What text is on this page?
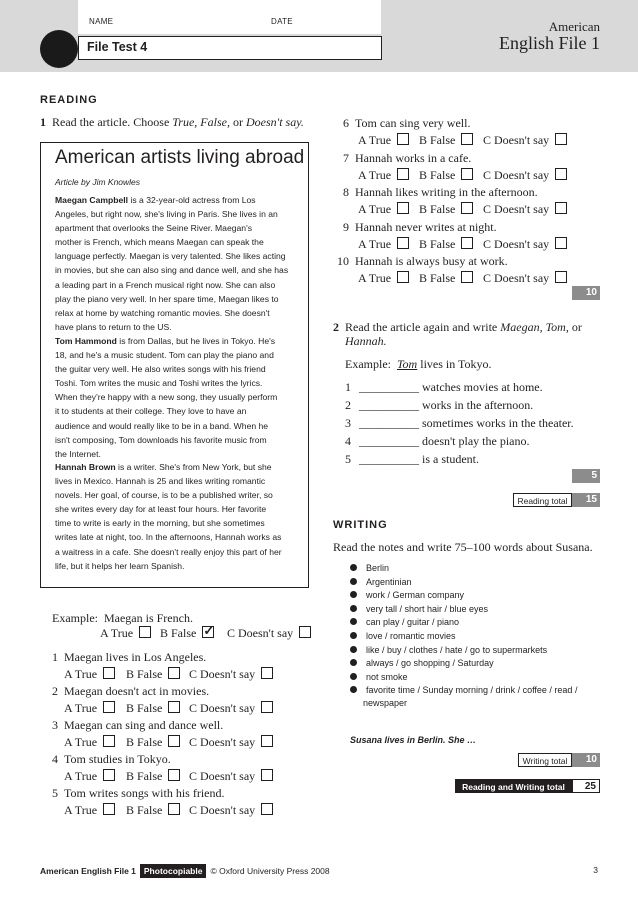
NAME	DATE
File Test 4
American
English File 1
READING
1 Read the article. Choose True, False, or Doesn't say.
American artists living abroad
Article by Jim Knowles
Maegan Campbell is a 32-year-old actress from Los
Angeles, but right now, she's living in Paris. She lives in an
apartment that overlooks the Seine River. Maegan's
mother is French, which means Maegan can speak the
language perfectly. Maegan is very talented. She likes acting
in movies, but she can also sing and dance well, and she has
a leading part in a French musical right now. She can also
play the piano very well. In her spare time, Maegan likes to
relax at home by watching romantic movies. She doesn't
have plans to return to the US.
Tom Hammond is from Dallas, but he lives in Tokyo. He's
18, and he's a music student. Tom can play the piano and
the guitar very well. He also writes songs with his friend
Toshi. Tom writes the music and Toshi writes the lyrics.
When they're happy with a new song, they usually perform
it to students at their college. They love to have an
audience and would really like to be in a band. When he
isn't composing, Tom downloads his favorite music from
the Internet.
Hannah Brown is a writer. She's from New York, but she
lives in Mexico. Hannah is 25 and likes writing romantic
novels. Her goal, of course, is to be a published writer, so
she writes every day for at least four hours. Her favorite
time to write is early in the morning, but she sometimes
writes late at night, too. In the afternoons, Hannah works as
a waitress in a cafe. She doesn't really enjoy this part of her
life, but it helps her learn Spanish.
Example: Maegan is French.
A True	B False ✓ C Doesn't say
1 Maegan lives in Los Angeles.
A True	B False	C Doesn't say
2 Maegan doesn't act in movies.
A True	B False	C Doesn't say
3 Maegan can sing and dance well.
A True	B False	C Doesn't say
4 Tom studies in Tokyo.
A True	B False	C Doesn't say
5 Tom writes songs with his friend.
A True	B False	C Doesn't say
6 Tom can sing very well.
A True	B False	C Doesn't say
7 Hannah works in a cafe.
A True	B False	C Doesn't say
8 Hannah likes writing in the afternoon.
A True	B False	C Doesn't say
9 Hannah never writes at night.
A True	B False	C Doesn't say
10 Hannah is always busy at work.
A True	B False	C Doesn't say
10
2 Read the article again and write Maegan, Tom, or
Hannah.
Example: Tom lives in Tokyo.
1 __________ watches movies at home.
2 __________ works in the afternoon.
3 __________ sometimes works in the theater.
4 __________ doesn't play the piano.
5 __________ is a student.
5
Reading total	15
WRITING
Read the notes and write 75–100 words about Susana.
Berlin
Argentinian
work / German company
very tall / short hair / blue eyes
can play / guitar / piano
love / romantic movies
like / buy / clothes / hate / go to supermarkets
always / go shopping / Saturday
not smoke
favorite time / Sunday morning / drink / coffee / read /
newspaper
Susana lives in Berlin. She …
Writing total	10
Reading and Writing total	25
American English File 1 Photocopiable © Oxford University Press 2008	3
